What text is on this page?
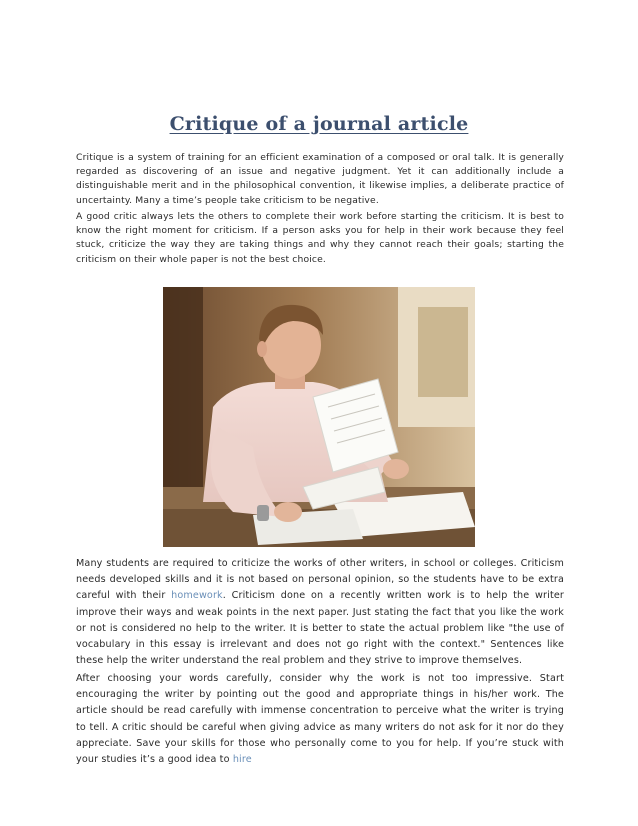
Critique of a journal article

Critique is a system of training for an efficient examination of a composed or oral talk. It is generally regarded as discovering of an issue and negative judgment. Yet it can additionally include a distinguishable merit and in the philosophical convention, it likewise implies, a deliberate practice of uncertainty. Many a time’s people take criticism to be negative.

A good critic always lets the others to complete their work before starting the criticism. It is best to know the right moment for criticism. If a person asks you for help in their work because they feel stuck, criticize the way they are taking things and why they cannot reach their goals; starting the criticism on their whole paper is not the best choice.

Many students are required to criticize the works of other writers, in school or colleges. Criticism needs developed skills and it is not based on personal opinion, so the students have to be extra careful with their homework. Criticism done on a recently written work is to help the writer improve their ways and weak points in the next paper. Just stating the fact that you like the work or not is considered no help to the writer. It is better to state the actual problem like "the use of vocabulary in this essay is irrelevant and does not go right with the context." Sentences like these help the writer understand the real problem and they strive to improve themselves.

After choosing your words carefully, consider why the work is not too impressive. Start encouraging the writer by pointing out the good and appropriate things in his/her work. The article should be read carefully with immense concentration to perceive what the writer is trying to tell. A critic should be careful when giving advice as many writers do not ask for it nor do they appreciate. Save your skills for those who personally come to you for help. If you’re stuck with your studies it’s a good idea to hire
